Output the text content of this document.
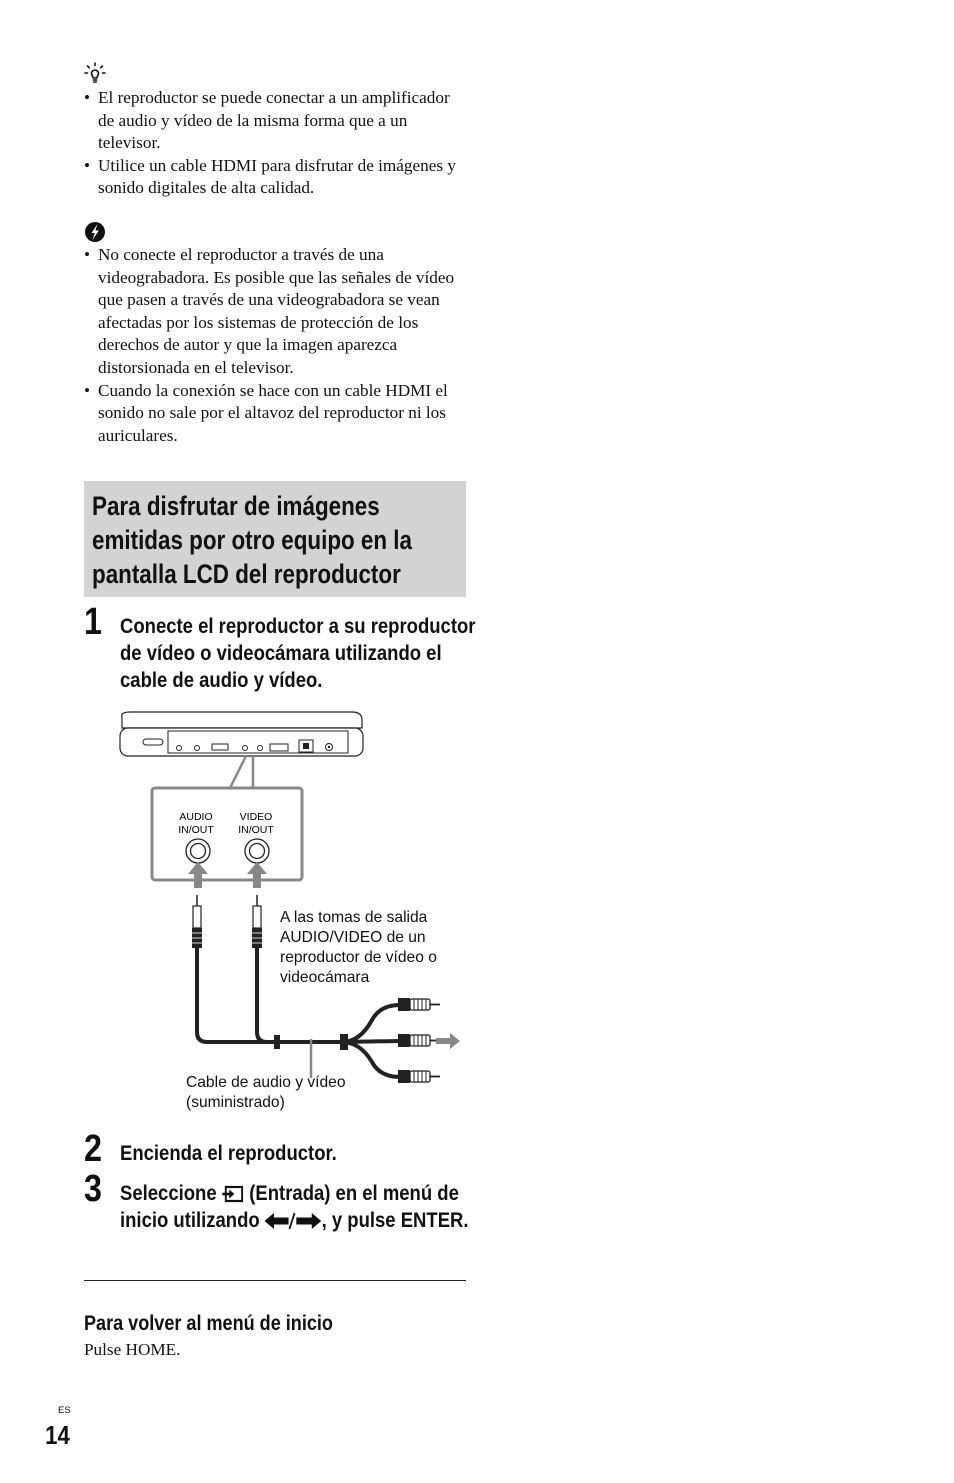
• El reproductor se puede conectar a un amplificador de audio y vídeo de la misma forma que a un televisor.
• Utilice un cable HDMI para disfrutar de imágenes y sonido digitales de alta calidad.
• No conecte el reproductor a través de una videograbadora. Es posible que las señales de vídeo que pasen a través de una videograbadora se vean afectadas por los sistemas de protección de los derechos de autor y que la imagen aparezca distorsionada en el televisor.
• Cuando la conexión se hace con un cable HDMI el sonido no sale por el altavoz del reproductor ni los auriculares.
Para disfrutar de imágenes emitidas por otro equipo en la pantalla LCD del reproductor
1 Conecte el reproductor a su reproductor de vídeo o videocámara utilizando el cable de audio y vídeo.

AUDIO
IN/OUT
VIDEO
IN/OUT

A las tomas de salida AUDIO/VIDEO de un reproductor de vídeo o videocámara

Cable de audio y vídeo (suministrado)

2 Encienda el reproductor.

3 Seleccione (Entrada) en el menú de inicio utilizando	, y pulse ENTER.

Para volver al menú de inicio

Pulse HOME.

ES

14
